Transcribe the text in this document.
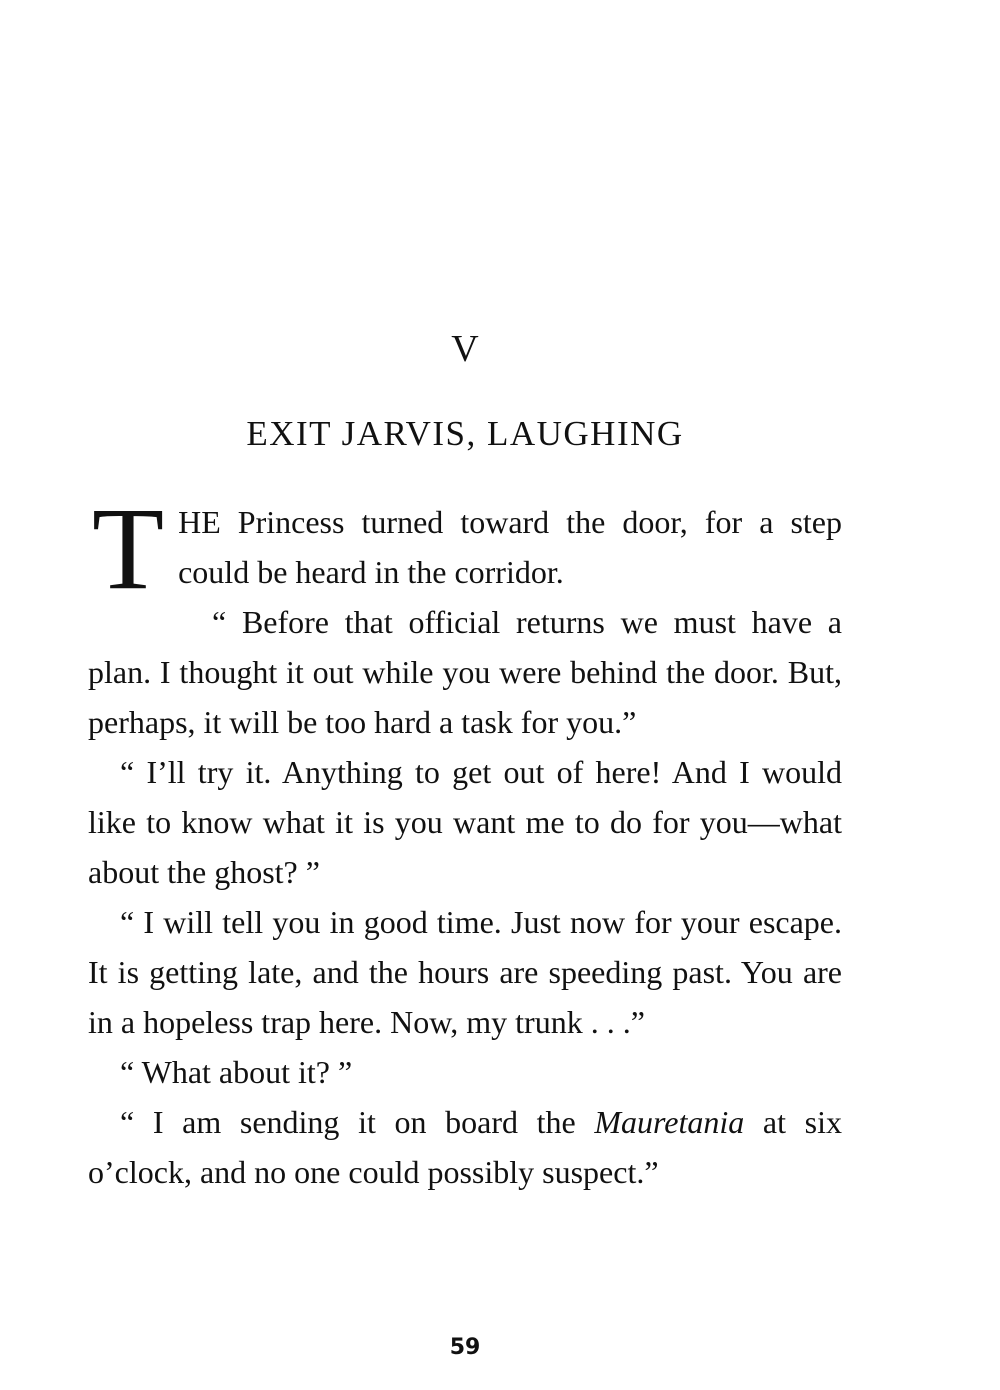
V
EXIT JARVIS, LAUGHING

THE Princess turned toward the door, for a step could be heard in the corridor.

“ Before that official returns we must have a plan. I thought it out while you were behind the door. But, perhaps, it will be too hard a task for you.”

“ I’ll try it. Anything to get out of here! And I would like to know what it is you want me to do for you—what about the ghost? ”

“ I will tell you in good time. Just now for your escape. It is getting late, and the hours are speeding past. You are in a hopeless trap here. Now, my trunk . . .”

“ What about it? ”

“ I am sending it on board the Mauretania at six o’clock, and no one could possibly suspect.”

59
